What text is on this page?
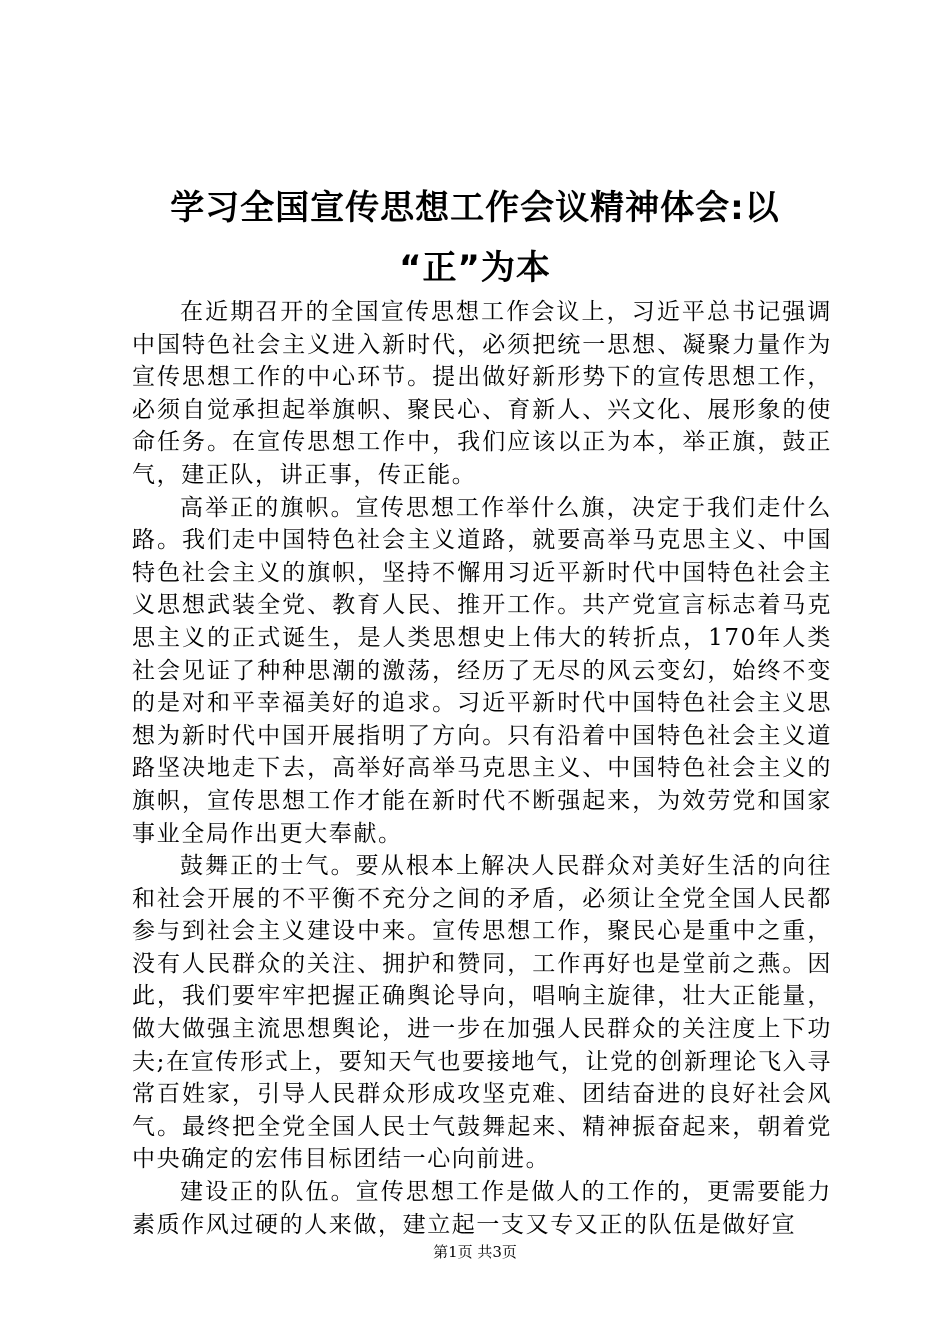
学习全国宣传思想工作会议精神体会:以
“正”为本

在近期召开的全国宣传思想工作会议上，习近平总书记强调中国特色社会主义进入新时代，必须把统一思想、凝聚力量作为宣传思想工作的中心环节。提出做好新形势下的宣传思想工作，必须自觉承担起举旗帜、聚民心、育新人、兴文化、展形象的使命任务。在宣传思想工作中，我们应该以正为本，举正旗，鼓正气，建正队，讲正事，传正能。

高举正的旗帜。宣传思想工作举什么旗，决定于我们走什么路。我们走中国特色社会主义道路，就要高举马克思主义、中国特色社会主义的旗帜，坚持不懈用习近平新时代中国特色社会主义思想武装全党、教育人民、推开工作。共产党宣言标志着马克思主义的正式诞生，是人类思想史上伟大的转折点，170年人类社会见证了种种思潮的激荡，经历了无尽的风云变幻，始终不变的是对和平幸福美好的追求。习近平新时代中国特色社会主义思想为新时代中国开展指明了方向。只有沿着中国特色社会主义道路坚决地走下去，高举好高举马克思主义、中国特色社会主义的旗帜，宣传思想工作才能在新时代不断强起来，为效劳党和国家事业全局作出更大奉献。

鼓舞正的士气。要从根本上解决人民群众对美好生活的向往和社会开展的不平衡不充分之间的矛盾，必须让全党全国人民都参与到社会主义建设中来。宣传思想工作，聚民心是重中之重，没有人民群众的关注、拥护和赞同，工作再好也是堂前之燕。因此，我们要牢牢把握正确舆论导向，唱响主旋律，壮大正能量，做大做强主流思想舆论，进一步在加强人民群众的关注度上下功夫;在宣传形式上，要知天气也要接地气，让党的创新理论飞入寻常百姓家，引导人民群众形成攻坚克难、团结奋进的良好社会风气。最终把全党全国人民士气鼓舞起来、精神振奋起来，朝着党中央确定的宏伟目标团结一心向前进。

建设正的队伍。宣传思想工作是做人的工作的，更需要能力素质作风过硬的人来做，建立起一支又专又正的队伍是做好宣

第1页 共3页
